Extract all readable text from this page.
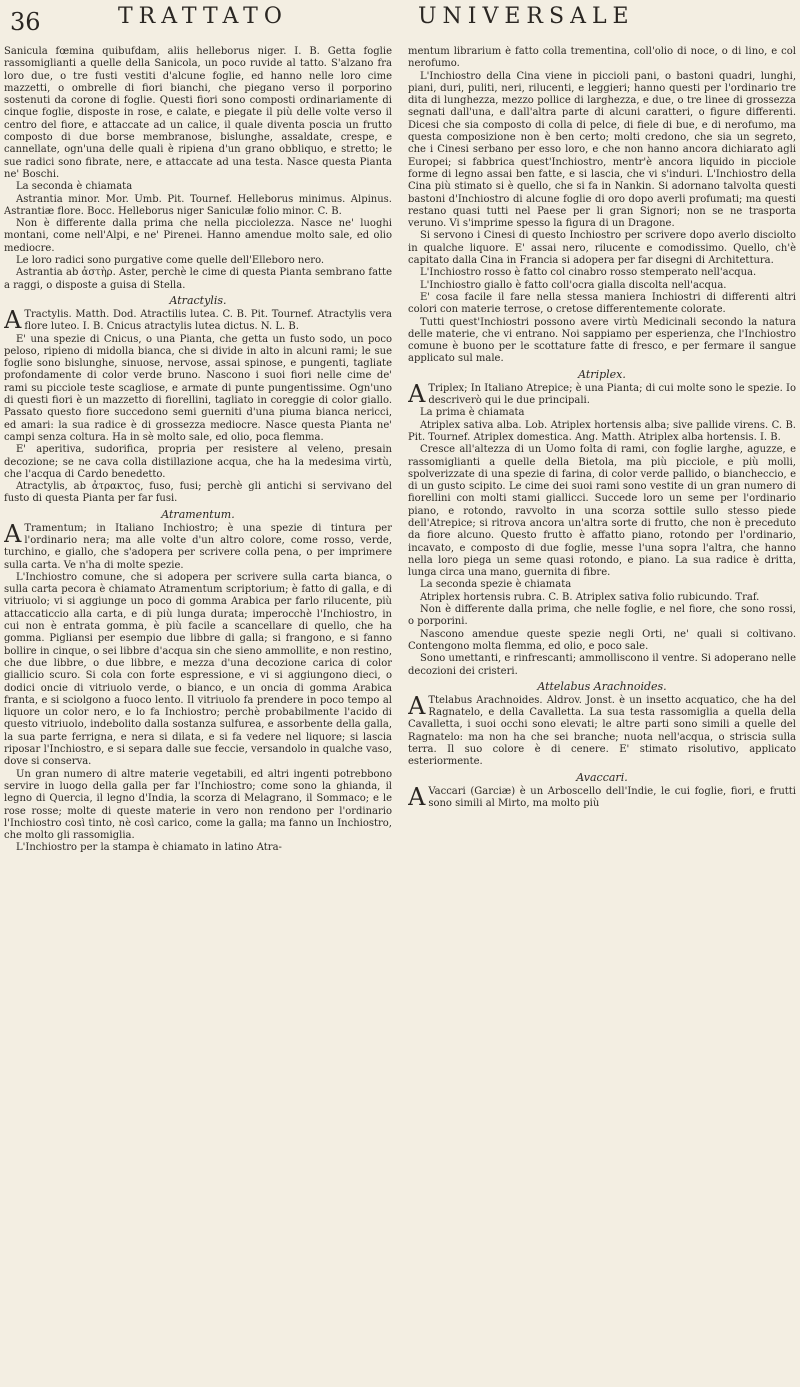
36	TRATTATO	UNIVERSALE

Sanicula fœmina quibufdam, aliis helleborus niger. I. B. Getta foglie rassomiglianti a quelle della Sanicola, un poco ruvide al tatto. S'alzano fra loro due, o tre fusti vestiti d'alcune foglie, ed hanno nelle loro cime mazzetti, o ombrelle di fiori bianchi, che piegano verso il porporino sostenuti da corone di foglie. Questi fiori sono composti ordinariamente di cinque foglie, disposte in rose, e calate, e piegate il più delle volte verso il centro del fiore, e attaccate ad un calice, il quale diventa poscia un frutto composto di due borse membranose, bislunghe, assaldate, crespe, e cannellate, ogn'una delle quali è ripiena d'un grano obbliquo, e stretto; le sue radici sono fibrate, nere, e attaccate ad una testa. Nasce questa Pianta ne' Boschi.

La seconda è chiamata

Astrantia minor. Mor. Umb. Pit. Tournef. Helleborus minimus. Alpinus. Astrantiæ flore. Bocc. Helleborus niger Saniculæ folio minor. C. B.

Non è differente dalla prima che nella picciolezza. Nasce ne' luoghi montani, come nell'Alpi, e ne' Pirenei. Hanno amendue molto sale, ed olio mediocre.

Le loro radici sono purgative come quelle dell'Elleboro nero.

Astrantia ab ἀστὴρ. Aster, perchè le cime di questa Pianta sembrano fatte a raggi, o disposte a guisa di Stella.

Atractylis.

A Tractylis. Matth. Dod. Atractilis lutea. C. B. Pit. Tournef. Atractylis vera flore luteo. I. B. Cnicus atractylis lutea dictus. N. L. B.

E' una spezie di Cnicus, o una Pianta, che getta un fusto sodo, un poco peloso, ripieno di midolla bianca, che si divide in alto in alcuni rami; le sue foglie sono bislunghe, sinuose, nervose, assai spinose, e pungenti, tagliate profondamente di color verde bruno. Nascono i suoi fiori nelle cime de' rami su picciole teste scagliose, e armate di punte pungentissime. Ogn'uno di questi fiori è un mazzetto di fiorellini, tagliato in coreggie di color giallo. Passato questo fiore succedono semi guerniti d'una piuma bianca nericci, ed amari: la sua radice è di grossezza mediocre. Nasce questa Pianta ne' campi senza coltura. Ha in sè molto sale, ed olio, poca flemma.

E' aperitiva, sudorifica, propria per resistere al veleno, presain decozione; se ne cava colla distillazione acqua, che ha la medesima virtù, che l'acqua di Cardo benedetto.

Atractylis, ab ἀτρακτος, fuso, fusi; perchè gli antichi si servivano del fusto di questa Pianta per far fusi.

Atramentum.

A Tramentum; in Italiano Inchiostro; è una spezie di tintura per l'ordinario nera; ma alle volte d'un altro colore, come rosso, verde, turchino, e giallo, che s'adopera per scrivere colla pena, o per imprimere sulla carta. Ve n'ha di molte spezie.

L'Inchiostro comune, che si adopera per scrivere sulla carta bianca, o sulla carta pecora è chiamato Atramentum scriptorium; è fatto di galla, e di vitriuolo; vi si aggiunge un poco di gomma Arabica per farlo rilucente, più attaccaticcio alla carta, e di più lunga durata; imperocchè l'Inchiostro, in cui non è entrata gomma, è più facile a scancellare di quello, che ha gomma. Pigliansi per esempio due libbre di galla; si frangono, e si fanno bollire in cinque, o sei libbre d'acqua sin che sieno ammollite, e non restino, che due libbre, o due libbre, e mezza d'una decozione carica di color giallicio scuro. Si cola con forte espressione, e vi si aggiungono dieci, o dodici oncie di vitriuolo verde, o bianco, e un oncia di gomma Arabica franta, e si sciolgono a fuoco lento. Il vitriuolo fa prendere in poco tempo al liquore un color nero, e lo fa Inchiostro; perchè probabilmente l'acido di questo vitriuolo, indebolito dalla sostanza sulfurea, e assorbente della galla, la sua parte ferrigna, e nera si dilata, e si fa vedere nel liquore; si lascia riposar l'Inchiostro, e si separa dalle sue feccie, versandolo in qualche vaso, dove si conserva.

Un gran numero di altre materie vegetabili, ed altri ingenti potrebbono servire in luogo della galla per far l'Inchiostro; come sono la ghianda, il legno di Quercia, il legno d'India, la scorza di Melagrano, il Sommaco; e le rose rosse; molte di queste materie in vero non rendono per l'ordinario l'Inchiostro così tinto, nè così carico, come la galla; ma fanno un Inchiostro, che molto gli rassomiglia.

L'Inchiostro per la stampa è chiamato in latino Atra-

mentum librarium è fatto colla trementina, coll'olio di noce, o di lino, e col nerofumo.

L'Inchiostro della Cina viene in piccioli pani, o bastoni quadri, lunghi, piani, duri, puliti, neri, rilucenti, e leggieri; hanno questi per l'ordinario tre dita di lunghezza, mezzo pollice di larghezza, e due, o tre linee di grossezza segnati dall'una, e dall'altra parte di alcuni caratteri, o figure differenti. Dicesi che sia composto di colla di pelce, di fiele di bue, e di nerofumo, ma questa composizione non è ben certo; molti credono, che sia un segreto, che i Cinesi serbano per esso loro, e che non hanno ancora dichiarato agli Europei; si fabbrica quest'Inchiostro, mentr'è ancora liquido in picciole forme di legno assai ben fatte, e si lascia, che vi s'induri. L'Inchiostro della Cina più stimato si è quello, che si fa in Nankin. Si adornano talvolta questi bastoni d'Inchiostro di alcune foglie di oro dopo averli profumati; ma questi restano quasi tutti nel Paese per li gran Signori; non se ne trasporta veruno. Vi s'imprime spesso la figura di un Dragone.

Si servono i Cinesi di questo Inchiostro per scrivere dopo averlo disciolto in qualche liquore. E' assai nero, rilucente e comodissimo. Quello, ch'è capitato dalla Cina in Francia si adopera per far disegni di Architettura.

L'Inchiostro rosso è fatto col cinabro rosso stemperato nell'acqua.

L'Inchiostro giallo è fatto coll'ocra gialla discolta nell'acqua.

E' cosa facile il fare nella stessa maniera Inchiostri di differenti altri colori con materie terrose, o cretose differentemente colorate.

Tutti quest'Inchiostri possono avere virtù Medicinali secondo la natura delle materie, che vi entrano. Noi sappiamo per esperienza, che l'Inchiostro comune è buono per le scottature fatte di fresco, e per fermare il sangue applicato sul male.

Atriplex.

A Triplex; In Italiano Atrepice; è una Pianta; di cui molte sono le spezie. Io descriverò qui le due principali.

La prima è chiamata

Atriplex sativa alba. Lob. Atriplex hortensis alba; sive pallide virens. C. B. Pit. Tournef. Atriplex domestica. Ang. Matth. Atriplex alba hortensis. I. B.

Cresce all'altezza di un Uomo folta di rami, con foglie larghe, aguzze, e rassomiglianti a quelle della Bietola, ma più picciole, e più molli, spolverizzate di una spezie di farina, di color verde pallido, o biancheccio, e di un gusto scipito. Le cime dei suoi rami sono vestite di un gran numero di fiorellini con molti stami giallicci. Succede loro un seme per l'ordinario piano, e rotondo, ravvolto in una scorza sottile sullo stesso piede dell'Atrepice; si ritrova ancora un'altra sorte di frutto, che non è preceduto da fiore alcuno. Questo frutto è affatto piano, rotondo per l'ordinario, incavato, e composto di due foglie, messe l'una sopra l'altra, che hanno nella loro piega un seme quasi rotondo, e piano. La sua radice è dritta, lunga circa una mano, guernita di fibre.

La seconda spezie è chiamata

Atriplex hortensis rubra. C. B. Atriplex sativa folio rubicundo. Traf.

Non è differente dalla prima, che nelle foglie, e nel fiore, che sono rossi, o porporini.

Nascono amendue queste spezie negli Orti, ne' quali si coltivano. Contengono molta flemma, ed olio, e poco sale.

Sono umettanti, e rinfrescanti; ammollisconο il ventre. Si adoperano nelle decozioni dei cristeri.

Attelabus Arachnoides.

A Ttelabus Arachnoides. Aldrov. Jonst. è un insetto acquatico, che ha del Ragnatelo, e della Cavalletta. La sua testa rassomiglia a quella della Cavalletta, i suoi occhi sono elevati; le altre parti sono simili a quelle del Ragnatelo: ma non ha che sei branche; nuota nell'acqua, o striscia sulla terra. Il suo colore è di cenere. E' stimato risolutivo, applicato esteriormente.

Avaccari.

A Vaccari (Garciæ) è un Arboscello dell'Indie, le cui foglie, fiori, e frutti sono simili al Mirto, ma molto più
